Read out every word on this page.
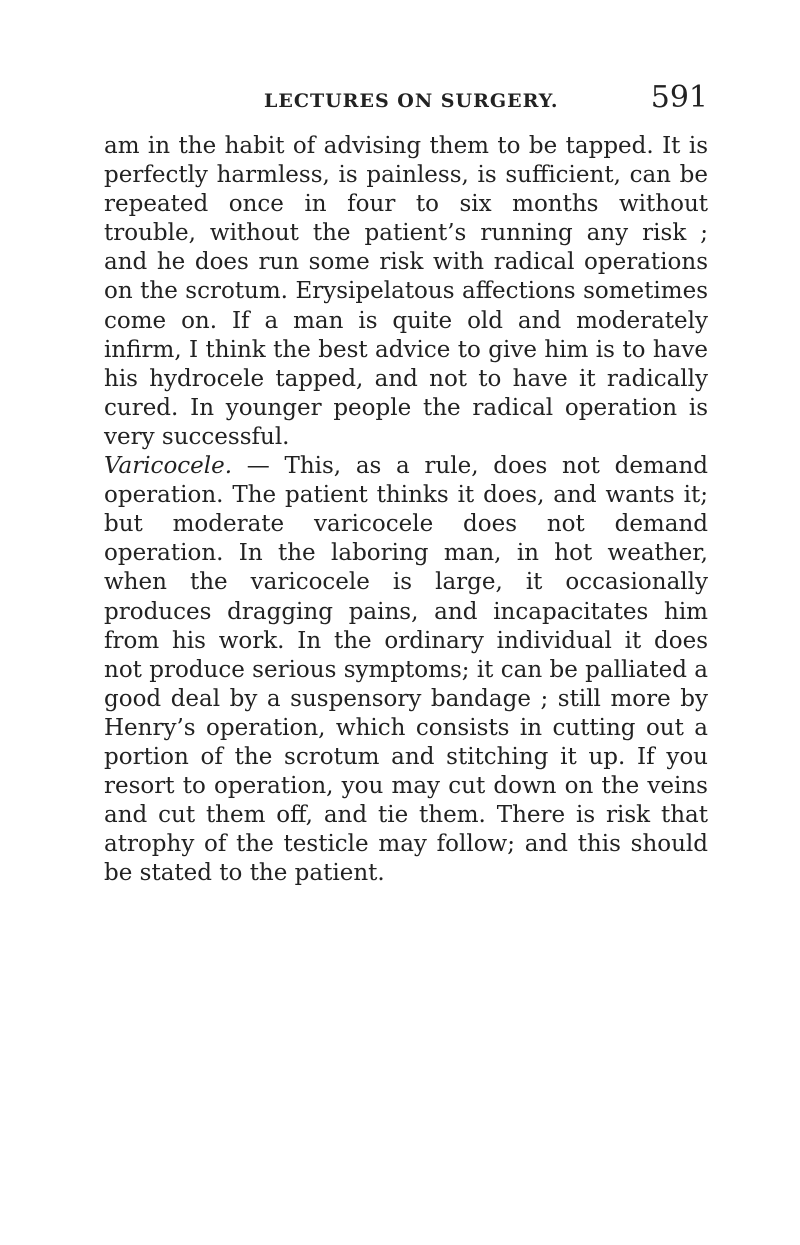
LECTURES ON SURGERY.	591

am in the habit of advising them to be tapped. It is perfectly harmless, is painless, is sufficient, can be repeated once in four to six months without trouble, without the patient’s running any risk ; and he does run some risk with radical operations on the scrotum. Erysipelatous affections sometimes come on. If a man is quite old and moderately infirm, I think the best advice to give him is to have his hydrocele tapped, and not to have it radically cured. In younger people the radical operation is very successful.

Varicocele. — This, as a rule, does not demand operation. The patient thinks it does, and wants it; but moderate varicocele does not demand operation. In the laboring man, in hot weather, when the varicocele is large, it occasionally produces dragging pains, and incapacitates him from his work. In the ordinary individual it does not produce serious symptoms; it can be palliated a good deal by a suspensory bandage ; still more by Henry’s operation, which consists in cutting out a portion of the scrotum and stitching it up. If you resort to operation, you may cut down on the veins and cut them off, and tie them. There is risk that atrophy of the testicle may follow; and this should be stated to the patient.
